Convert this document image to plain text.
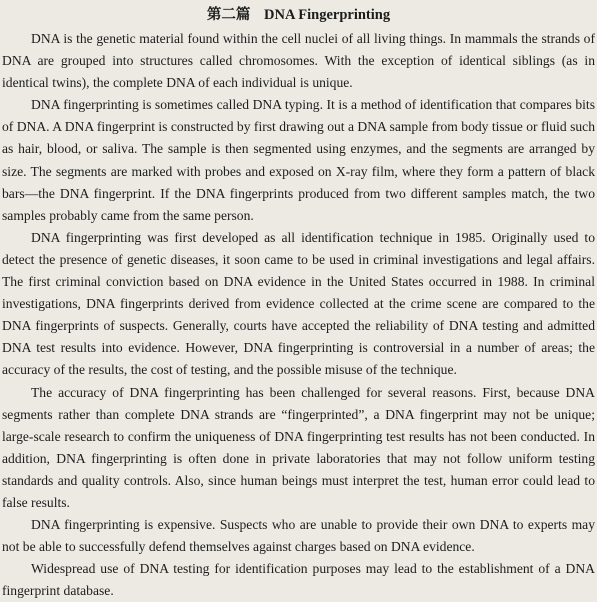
第二篇 DNA Fingerprinting

DNA is the genetic material found within the cell nuclei of all living things. In mammals the strands of DNA are grouped into structures called chromosomes. With the exception of identical siblings (as in identical twins), the complete DNA of each individual is unique.

DNA fingerprinting is sometimes called DNA typing. It is a method of identification that compares bits of DNA. A DNA fingerprint is constructed by first drawing out a DNA sample from body tissue or fluid such as hair, blood, or saliva. The sample is then segmented using enzymes, and the segments are arranged by size. The segments are marked with probes and exposed on X-ray film, where they form a pattern of black bars—the DNA fingerprint. If the DNA fingerprints produced from two different samples match, the two samples probably came from the same person.

DNA fingerprinting was first developed as all identification technique in 1985. Originally used to detect the presence of genetic diseases, it soon came to be used in criminal investigations and legal affairs. The first criminal conviction based on DNA evidence in the United States occurred in 1988. In criminal investigations, DNA fingerprints derived from evidence collected at the crime scene are compared to the DNA fingerprints of suspects. Generally, courts have accepted the reliability of DNA testing and admitted DNA test results into evidence. However, DNA fingerprinting is controversial in a number of areas; the accuracy of the results, the cost of testing, and the possible misuse of the technique.

The accuracy of DNA fingerprinting has been challenged for several reasons. First, because DNA segments rather than complete DNA strands are “fingerprinted”, a DNA fingerprint may not be unique; large-scale research to confirm the uniqueness of DNA fingerprinting test results has not been conducted. In addition, DNA fingerprinting is often done in private laboratories that may not follow uniform testing standards and quality controls. Also, since human beings must interpret the test, human error could lead to false results.

DNA fingerprinting is expensive. Suspects who are unable to provide their own DNA to experts may not be able to successfully defend themselves against charges based on DNA evidence.

Widespread use of DNA testing for identification purposes may lead to the establishment of a DNA fingerprint database.
